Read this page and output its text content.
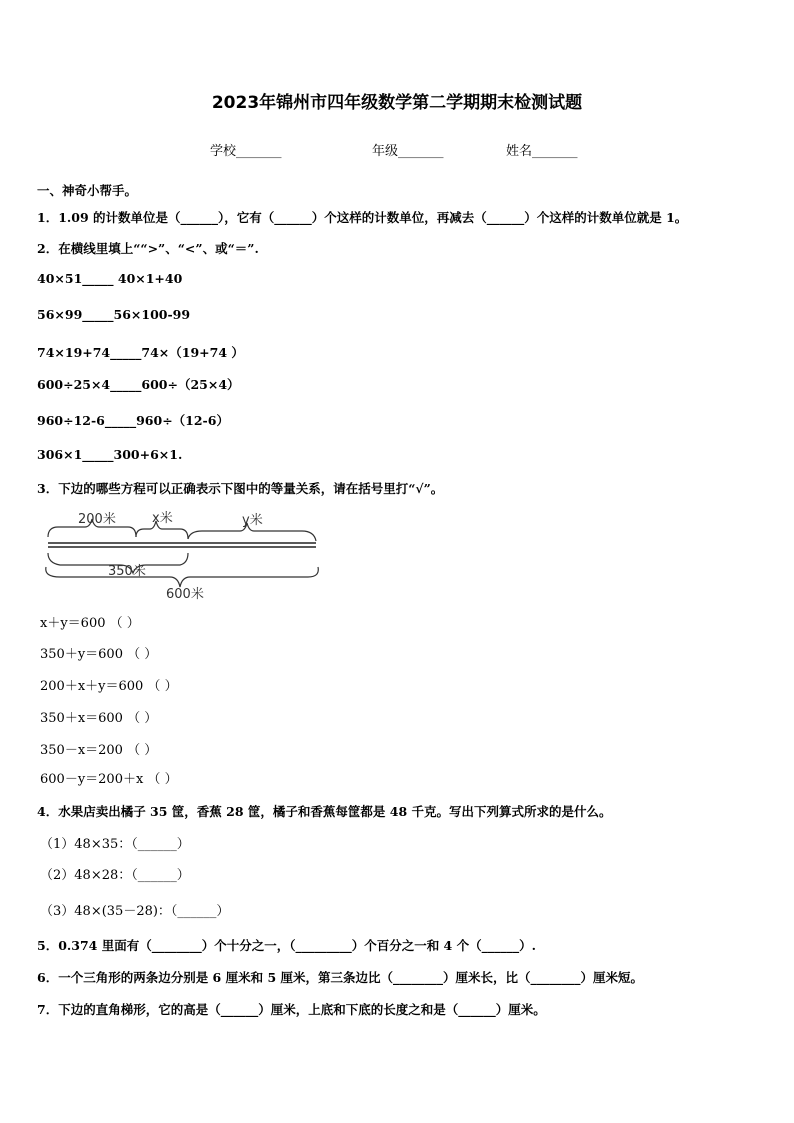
2023年锦州市四年级数学第二学期期末检测试题
学校_______	年级_______	姓名_______
一、神奇小帮手。
1．1.09 的计数单位是（______），它有（______）个这样的计数单位，再减去（______）个这样的计数单位就是 1。
2．在横线里填上““>”、“<”、或“＝”.
40×51_____ 40×1+40
56×99_____56×100-99
74×19+74_____74×（19+74 ）
600÷25×4_____600÷（25×4）
960÷12-6_____960÷（12-6）
306×1_____300+6×1.
3．下边的哪些方程可以正确表示下图中的等量关系，请在括号里打“√”。
200米	x米	y米
350米
600米
x＋y＝600 （ ）
350＋y＝600 （ ）
200＋x＋y＝600 （ ）
350＋x＝600 （ ）
350－x＝200 （ ）
600－y＝200＋x （ ）
4．水果店卖出橘子 35 筐，香蕉 28 筐，橘子和香蕉每筐都是 48 千克。写出下列算式所求的是什么。
（1）48×35：（______）
（2）48×28：（______）
（3）48×(35－28)：（______）
5．0.374 里面有（________）个十分之一，（_________）个百分之一和 4 个（______）.
6．一个三角形的两条边分别是 6 厘米和 5 厘米，第三条边比（________）厘米长，比（________）厘米短。
7．下边的直角梯形，它的高是（______）厘米，上底和下底的长度之和是（______）厘米。
